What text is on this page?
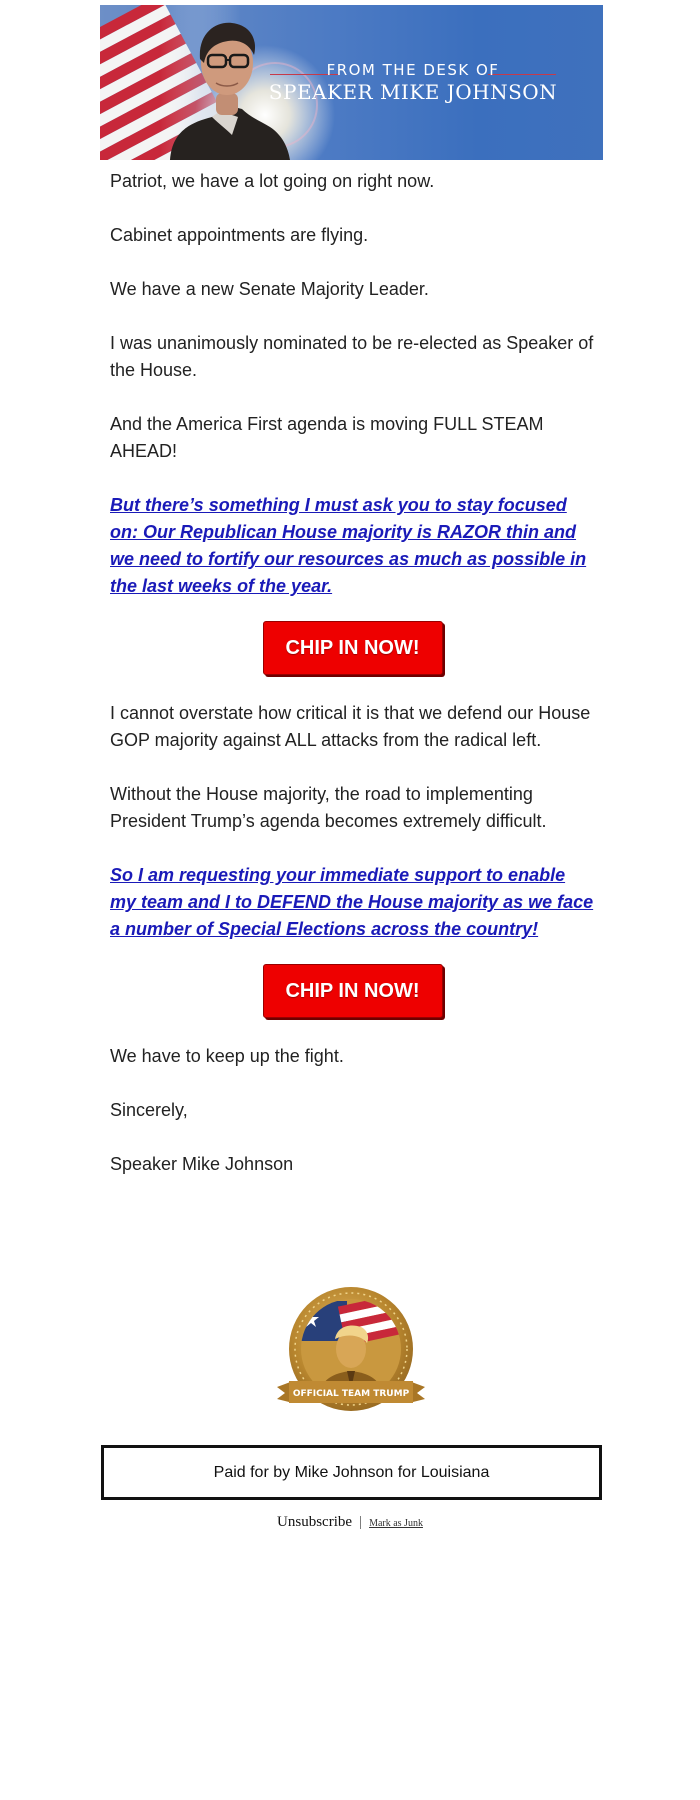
FROM THE DESK OF
SPEAKER MIKE JOHNSON

Patriot, we have a lot going on right now.

Cabinet appointments are flying.

We have a new Senate Majority Leader.

I was unanimously nominated to be re-elected as Speaker of the House.

And the America First agenda is moving FULL STEAM AHEAD!

But there’s something I must ask you to stay focused on: Our Republican House majority is RAZOR thin and we need to fortify our resources as much as possible in the last weeks of the year.

CHIP IN NOW!

I cannot overstate how critical it is that we defend our House GOP majority against ALL attacks from the radical left.

Without the House majority, the road to implementing President Trump’s agenda becomes extremely difficult.

So I am requesting your immediate support to enable my team and I to DEFEND the House majority as we face a number of Special Elections across the country!

CHIP IN NOW!

We have to keep up the fight.

Sincerely,

Speaker Mike Johnson

OFFICIAL TEAM TRUMP
Paid for by Mike Johnson for Louisiana
Unsubscribe | Mark as Junk
